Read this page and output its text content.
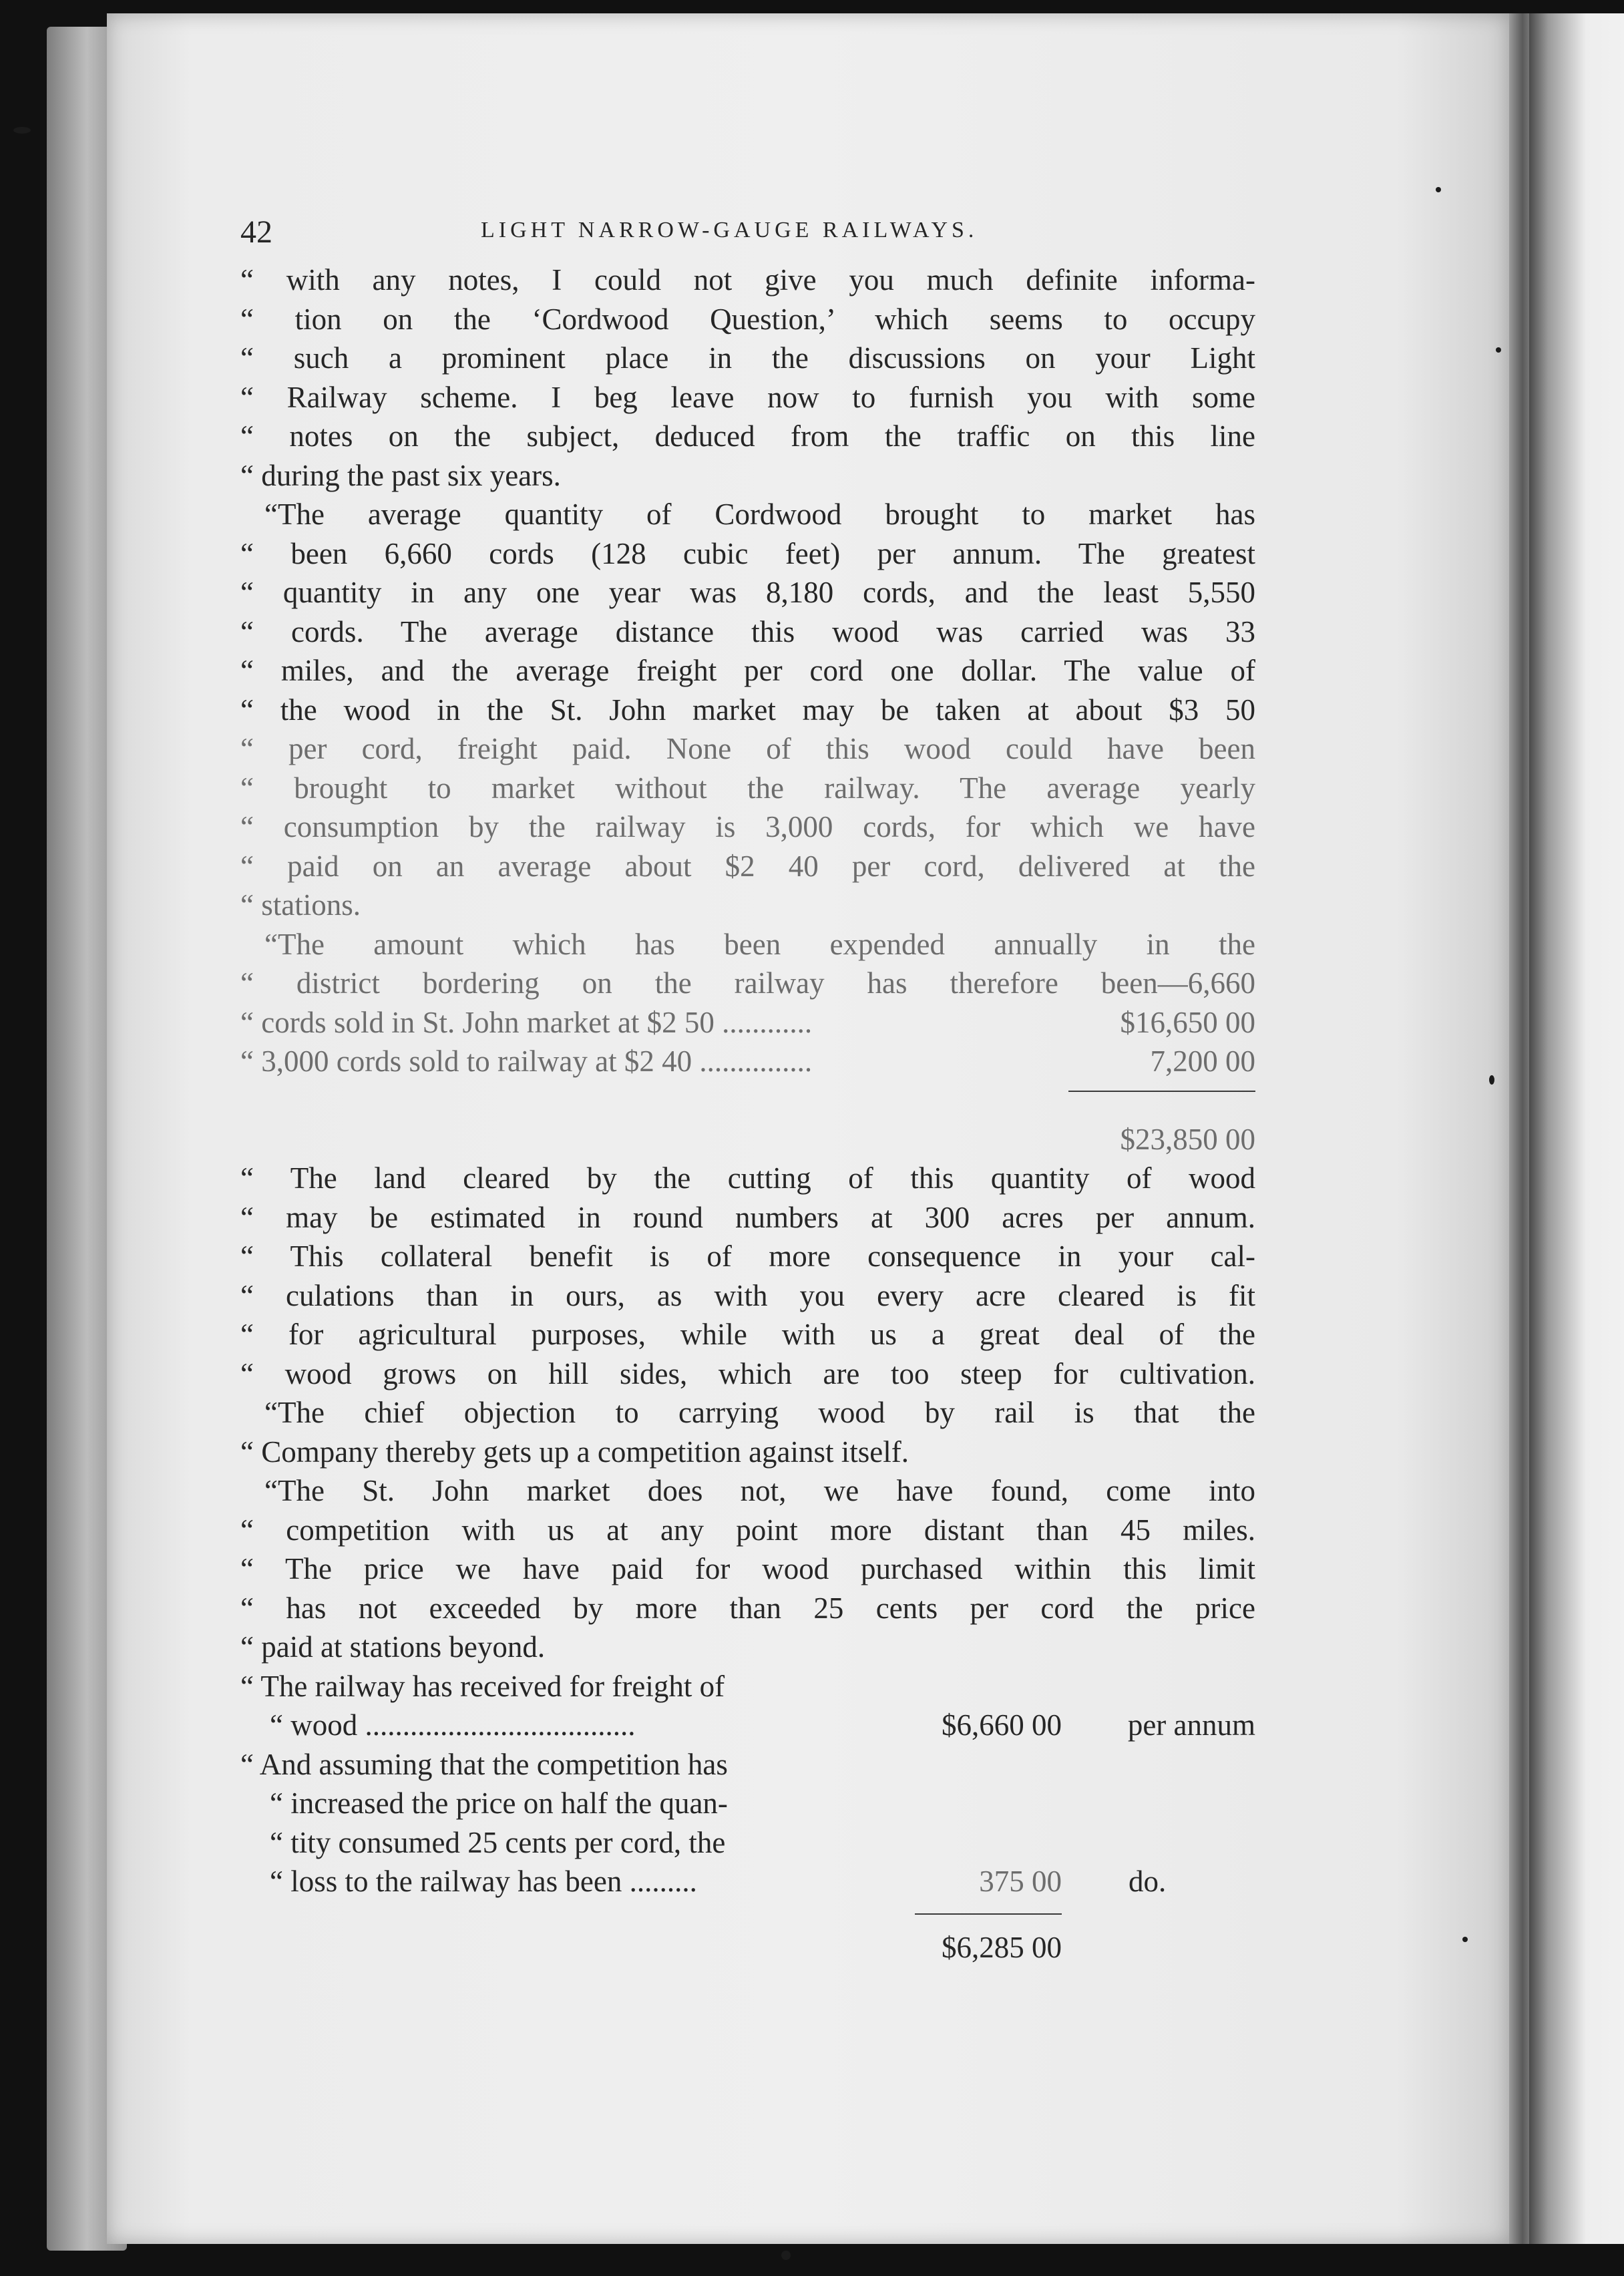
42	LIGHT NARROW-GAUGE RAILWAYS.
“ with any notes, I could not give you much definite informa-
“ tion on the ‘Cordwood Question,’ which seems to occupy
“ such a prominent place in the discussions on your Light
“ Railway scheme. I beg leave now to furnish you with some
“ notes on the subject, deduced from the traffic on this line
“ during the past six years.
“The average quantity of Cordwood brought to market has
“ been 6,660 cords (128 cubic feet) per annum. The greatest
“ quantity in any one year was 8,180 cords, and the least 5,550
“ cords. The average distance this wood was carried was 33
“ miles, and the average freight per cord one dollar. The value of
“ the wood in the St. John market may be taken at about $3 50
“ per cord, freight paid. None of this wood could have been
“ brought to market without the railway. The average yearly
“ consumption by the railway is 3,000 cords, for which we have
“ paid on an average about $2 40 per cord, delivered at the
“ stations.
“The amount which has been expended annually in the
“ district bordering on the railway has therefore been—6,660
“ cords sold in St. John market at $2 50 ............	$16,650 00
“ 3,000 cords sold to railway at $2 40 ...............	7,200 00
$23,850 00
“ The land cleared by the cutting of this quantity of wood
“ may be estimated in round numbers at 300 acres per annum.
“ This collateral benefit is of more consequence in your cal-
“ culations than in ours, as with you every acre cleared is fit
“ for agricultural purposes, while with us a great deal of the
“ wood grows on hill sides, which are too steep for cultivation.
“The chief objection to carrying wood by rail is that the
“ Company thereby gets up a competition against itself.
“The St. John market does not, we have found, come into
“ competition with us at any point more distant than 45 miles.
“ The price we have paid for wood purchased within this limit
“ has not exceeded by more than 25 cents per cord the price
“ paid at stations beyond.
“ The railway has received for freight of
“ wood ....................................	$6,660 00	per annum
“ And assuming that the competition has
“ increased the price on half the quan-
“ tity consumed 25 cents per cord, the
“ loss to the railway has been .........	375 00	do.
$6,285 00
